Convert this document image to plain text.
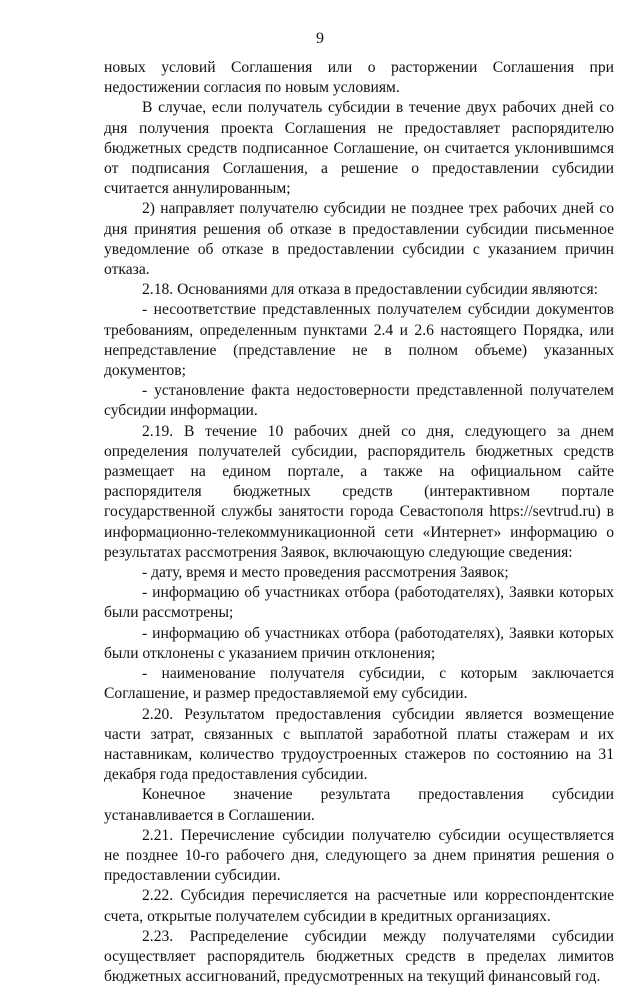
9

новых условий Соглашения или о расторжении Соглашения при недостижении согласия по новым условиям.

В случае, если получатель субсидии в течение двух рабочих дней со дня получения проекта Соглашения не предоставляет распорядителю бюджетных средств подписанное Соглашение, он считается уклонившимся от подписания Соглашения, а решение о предоставлении субсидии считается аннулированным;

2) направляет получателю субсидии не позднее трех рабочих дней со дня принятия решения об отказе в предоставлении субсидии письменное уведомление об отказе в предоставлении субсидии с указанием причин отказа.

2.18. Основаниями для отказа в предоставлении субсидии являются:

- несоответствие представленных получателем субсидии документов требованиям, определенным пунктами 2.4 и 2.6 настоящего Порядка, или непредставление (представление не в полном объеме) указанных документов;

- установление факта недостоверности представленной получателем субсидии информации.

2.19. В течение 10 рабочих дней со дня, следующего за днем определения получателей субсидии, распорядитель бюджетных средств размещает на едином портале, а также на официальном сайте распорядителя бюджетных средств (интерактивном портале государственной службы занятости города Севастополя https://sevtrud.ru) в информационно-телекоммуникационной сети «Интернет» информацию о результатах рассмотрения Заявок, включающую следующие сведения:

- дату, время и место проведения рассмотрения Заявок;

- информацию об участниках отбора (работодателях), Заявки которых были рассмотрены;

- информацию об участниках отбора (работодателях), Заявки которых были отклонены с указанием причин отклонения;

- наименование получателя субсидии, с которым заключается Соглашение, и размер предоставляемой ему субсидии.

2.20. Результатом предоставления субсидии является возмещение части затрат, связанных с выплатой заработной платы стажерам и их наставникам, количество трудоустроенных стажеров по состоянию на 31 декабря года предоставления субсидии.

Конечное значение результата предоставления субсидии устанавливается в Соглашении.

2.21. Перечисление субсидии получателю субсидии осуществляется не позднее 10-го рабочего дня, следующего за днем принятия решения о предоставлении субсидии.

2.22. Субсидия перечисляется на расчетные или корреспондентские счета, открытые получателем субсидии в кредитных организациях.

2.23. Распределение субсидии между получателями субсидии осуществляет распорядитель бюджетных средств в пределах лимитов бюджетных ассигнований, предусмотренных на текущий финансовый год.
